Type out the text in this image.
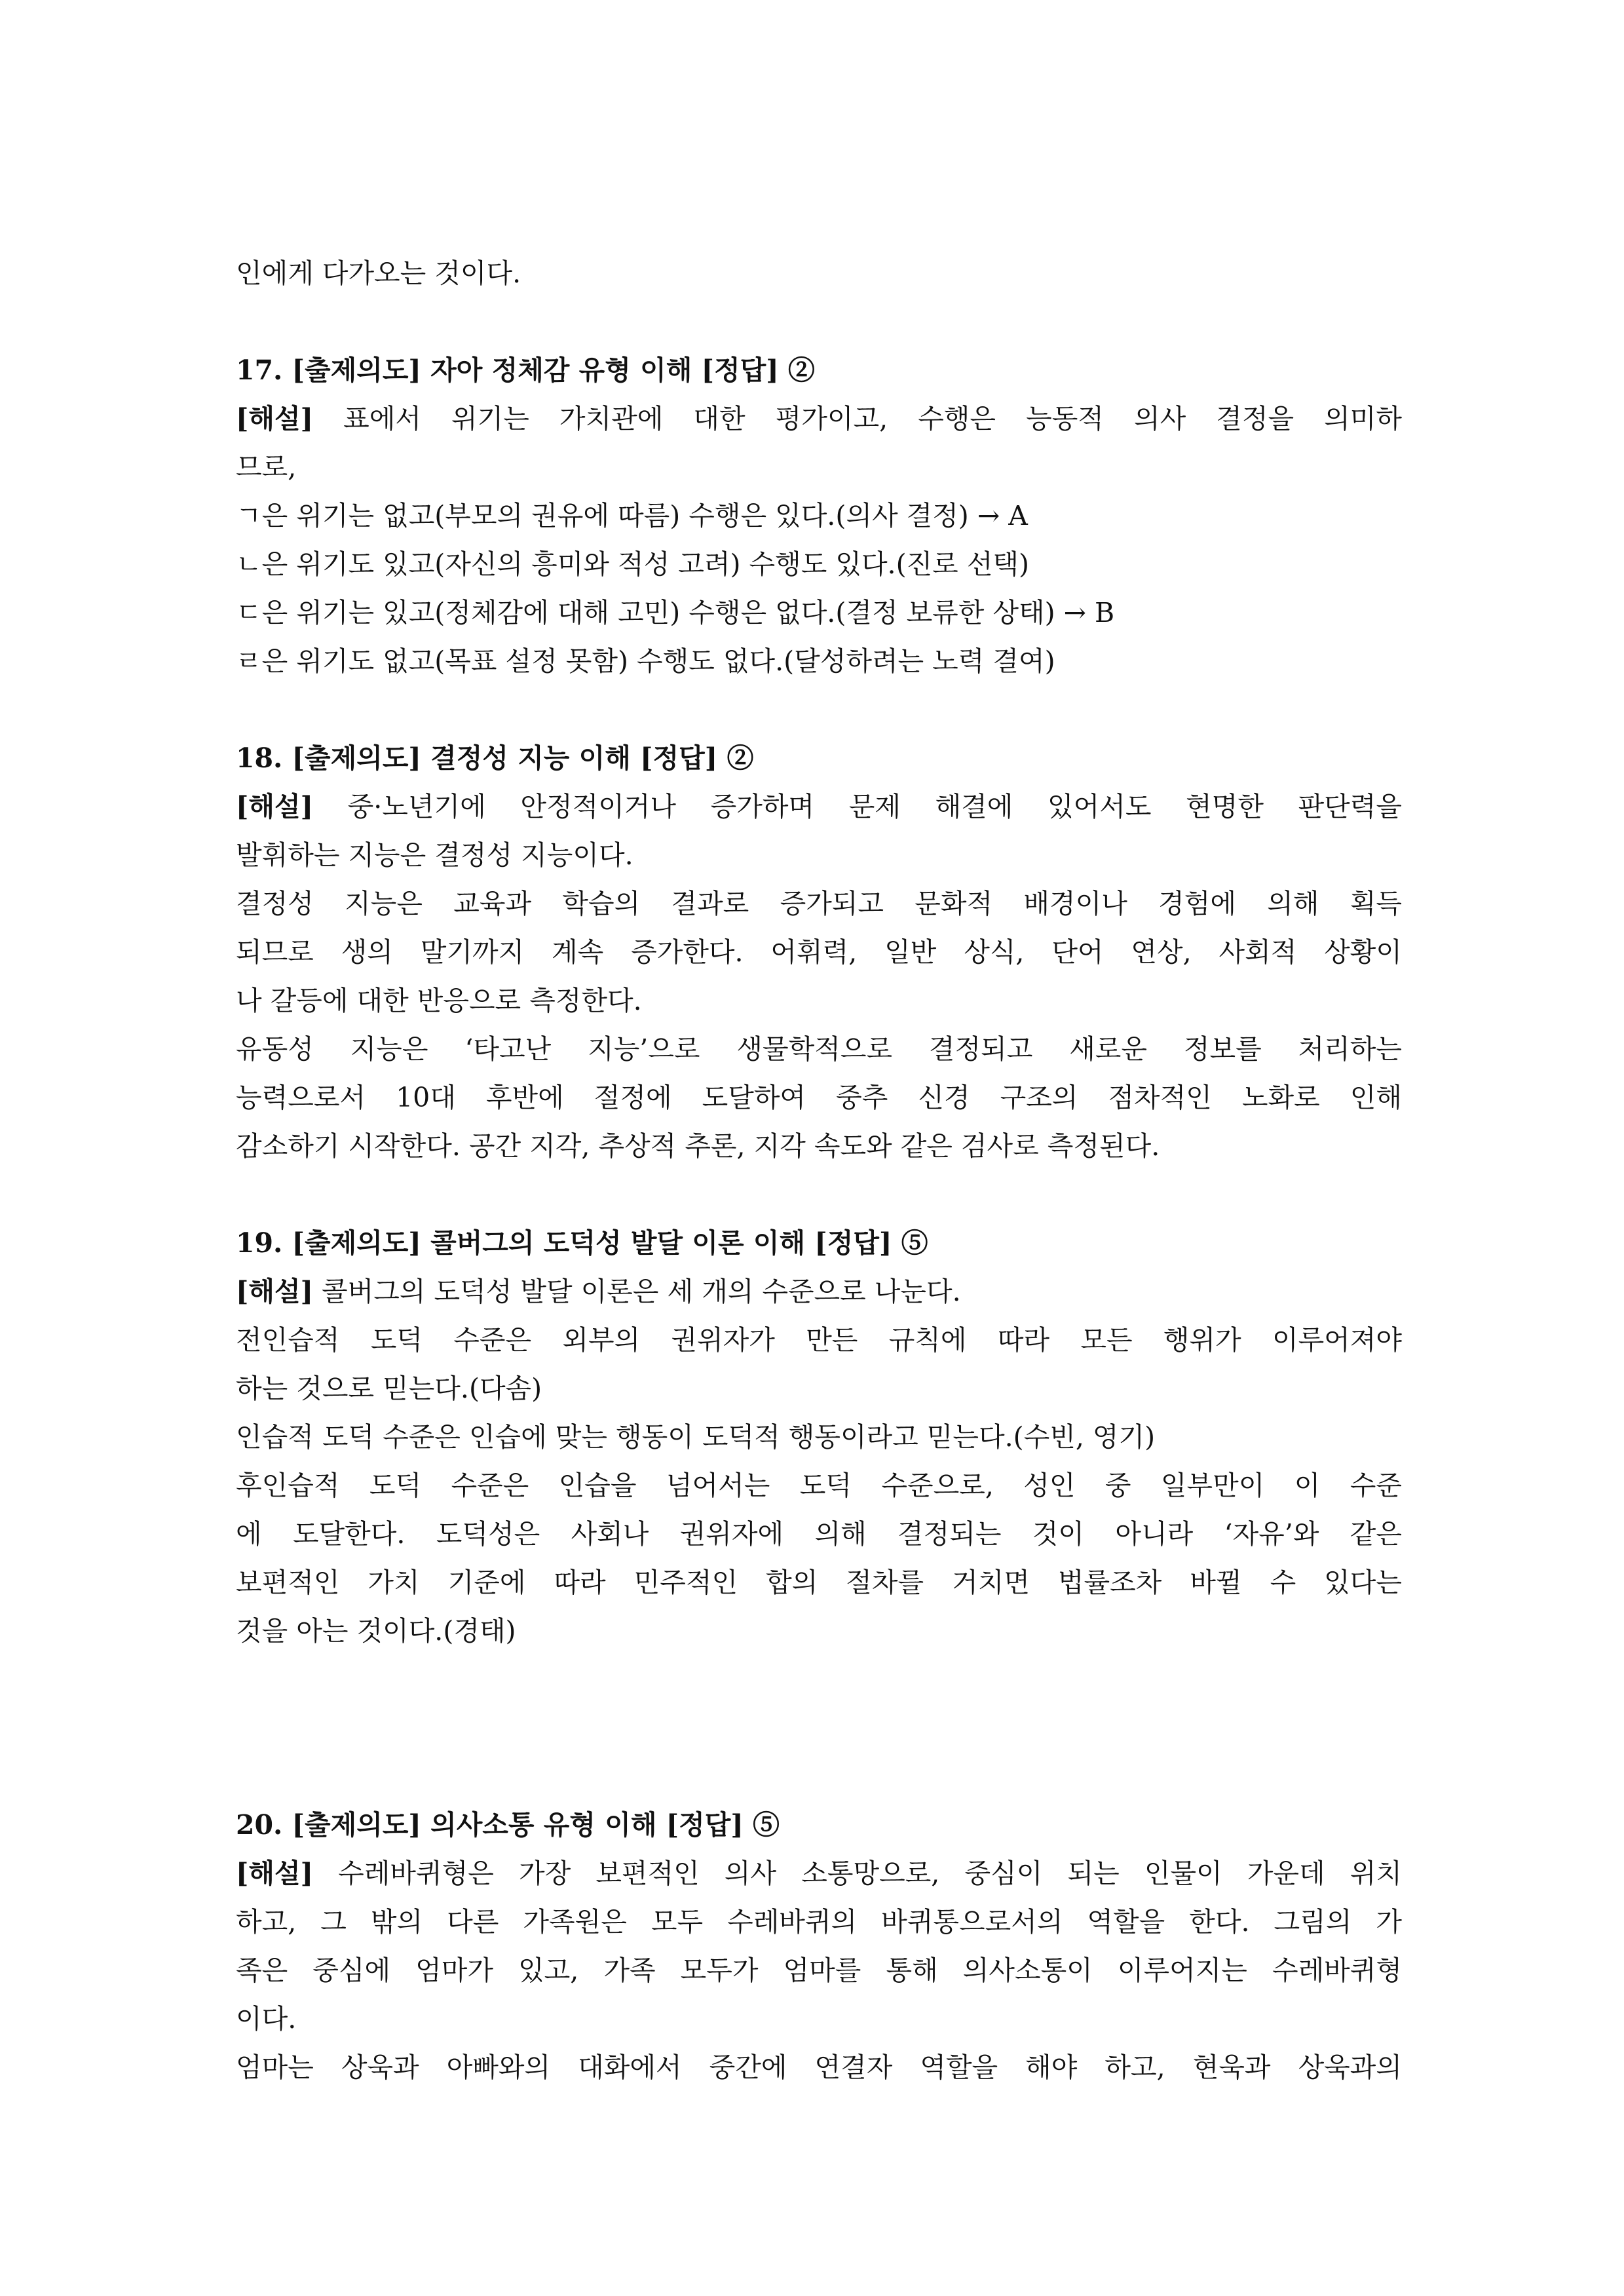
인에게 다가오는 것이다.
17. [출제의도] 자아 정체감 유형 이해 [정답] ②
[해설] 표에서 위기는 가치관에 대한 평가이고, 수행은 능동적 의사 결정을 의미하
므로,
ㄱ은 위기는 없고(부모의 권유에 따름) 수행은 있다.(의사 결정) → A
ㄴ은 위기도 있고(자신의 흥미와 적성 고려) 수행도 있다.(진로 선택)
ㄷ은 위기는 있고(정체감에 대해 고민) 수행은 없다.(결정 보류한 상태) → B
ㄹ은 위기도 없고(목표 설정 못함) 수행도 없다.(달성하려는 노력 결여)
18. [출제의도] 결정성 지능 이해 [정답] ②
[해설] 중·노년기에 안정적이거나 증가하며 문제 해결에 있어서도 현명한 판단력을
발휘하는 지능은 결정성 지능이다.
결정성 지능은 교육과 학습의 결과로 증가되고 문화적 배경이나 경험에 의해 획득
되므로 생의 말기까지 계속 증가한다. 어휘력, 일반 상식, 단어 연상, 사회적 상황이
나 갈등에 대한 반응으로 측정한다.
유동성 지능은 ‘타고난 지능’으로 생물학적으로 결정되고 새로운 정보를 처리하는
능력으로서 10대 후반에 절정에 도달하여 중추 신경 구조의 점차적인 노화로 인해
감소하기 시작한다. 공간 지각, 추상적 추론, 지각 속도와 같은 검사로 측정된다.
19. [출제의도] 콜버그의 도덕성 발달 이론 이해 [정답] ⑤
[해설] 콜버그의 도덕성 발달 이론은 세 개의 수준으로 나눈다.
전인습적 도덕 수준은 외부의 권위자가 만든 규칙에 따라 모든 행위가 이루어져야
하는 것으로 믿는다.(다솜)
인습적 도덕 수준은 인습에 맞는 행동이 도덕적 행동이라고 믿는다.(수빈, 영기)
후인습적 도덕 수준은 인습을 넘어서는 도덕 수준으로, 성인 중 일부만이 이 수준
에 도달한다. 도덕성은 사회나 권위자에 의해 결정되는 것이 아니라 ‘자유’와 같은
보편적인 가치 기준에 따라 민주적인 합의 절차를 거치면 법률조차 바뀔 수 있다는
것을 아는 것이다.(경태)
20. [출제의도] 의사소통 유형 이해 [정답] ⑤
[해설] 수레바퀴형은 가장 보편적인 의사 소통망으로, 중심이 되는 인물이 가운데 위치
하고, 그 밖의 다른 가족원은 모두 수레바퀴의 바퀴통으로서의 역할을 한다. 그림의 가
족은 중심에 엄마가 있고, 가족 모두가 엄마를 통해 의사소통이 이루어지는 수레바퀴형
이다.
엄마는 상욱과 아빠와의 대화에서 중간에 연결자 역할을 해야 하고, 현욱과 상욱과의
